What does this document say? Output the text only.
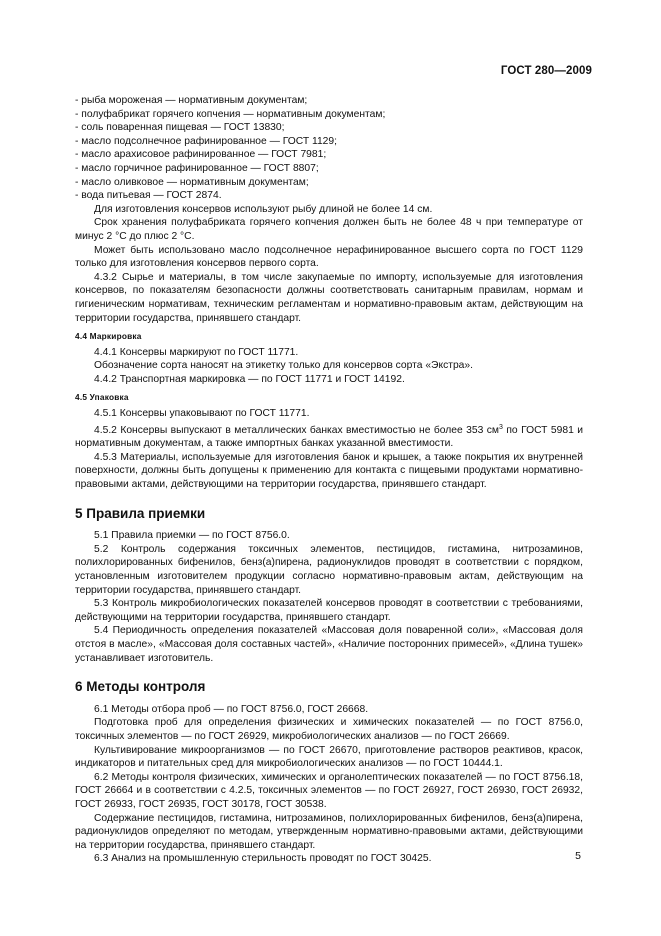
ГОСТ 280—2009

- рыба мороженая — нормативным документам;

- полуфабрикат горячего копчения — нормативным документам;

- соль поваренная пищевая — ГОСТ 13830;

- масло подсолнечное рафинированное — ГОСТ 1129;

- масло арахисовое рафинированное — ГОСТ 7981;

- масло горчичное рафинированное — ГОСТ 8807;

- масло оливковое — нормативным документам;

- вода питьевая — ГОСТ 2874.

Для изготовления консервов используют рыбу длиной не более 14 см.

Срок хранения полуфабриката горячего копчения должен быть не более 48 ч при температуре от минус 2 °С до плюс 2 °С.

Может быть использовано масло подсолнечное нерафинированное высшего сорта по ГОСТ 1129 только для изготовления консервов первого сорта.

4.3.2 Сырье и материалы, в том числе закупаемые по импорту, используемые для изготовления консервов, по показателям безопасности должны соответствовать санитарным правилам, нормам и гигиеническим нормативам, техническим регламентам и нормативно-правовым актам, действующим на территории государства, принявшего стандарт.

4.4 Маркировка

4.4.1 Консервы маркируют по ГОСТ 11771.

Обозначение сорта наносят на этикетку только для консервов сорта «Экстра».

4.4.2 Транспортная маркировка — по ГОСТ 11771 и ГОСТ 14192.

4.5 Упаковка

4.5.1 Консервы упаковывают по ГОСТ 11771.

4.5.2 Консервы выпускают в металлических банках вместимостью не более 353 $см^3$ по ГОСТ 5981 и нормативным документам, а также импортных банках указанной вместимости.

4.5.3 Материалы, используемые для изготовления банок и крышек, а также покрытия их внутренней поверхности, должны быть допущены к применению для контакта с пищевыми продуктами нормативно-правовыми актами, действующими на территории государства, принявшего стандарт.

5 Правила приемки

5.1 Правила приемки — по ГОСТ 8756.0.

5.2 Контроль содержания токсичных элементов, пестицидов, гистамина, нитрозаминов, полихлорированных бифенилов, бенз(а)пирена, радионуклидов проводят в соответствии с порядком, установленным изготовителем продукции согласно нормативно-правовым актам, действующим на территории государства, принявшего стандарт.

5.3 Контроль микробиологических показателей консервов проводят в соответствии с требованиями, действующими на территории государства, принявшего стандарт.

5.4 Периодичность определения показателей «Массовая доля поваренной соли», «Массовая доля отстоя в масле», «Массовая доля составных частей», «Наличие посторонних примесей», «Длина тушек» устанавливает изготовитель.

6 Методы контроля

6.1 Методы отбора проб — по ГОСТ 8756.0, ГОСТ 26668.

Подготовка проб для определения физических и химических показателей — по ГОСТ 8756.0, токсичных элементов — по ГОСТ 26929, микробиологических анализов — по ГОСТ 26669.

Культивирование микроорганизмов — по ГОСТ 26670, приготовление растворов реактивов, красок, индикаторов и питательных сред для микробиологических анализов — по ГОСТ 10444.1.

6.2 Методы контроля физических, химических и органолептических показателей — по ГОСТ 8756.18, ГОСТ 26664 и в соответствии с 4.2.5, токсичных элементов — по ГОСТ 26927, ГОСТ 26930, ГОСТ 26932, ГОСТ 26933, ГОСТ 26935, ГОСТ 30178, ГОСТ 30538.

Содержание пестицидов, гистамина, нитрозаминов, полихлорированных бифенилов, бенз(а)пирена, радионуклидов определяют по методам, утвержденным нормативно-правовыми актами, действующими на территории государства, принявшего стандарт.

6.3 Анализ на промышленную стерильность проводят по ГОСТ 30425.	5
